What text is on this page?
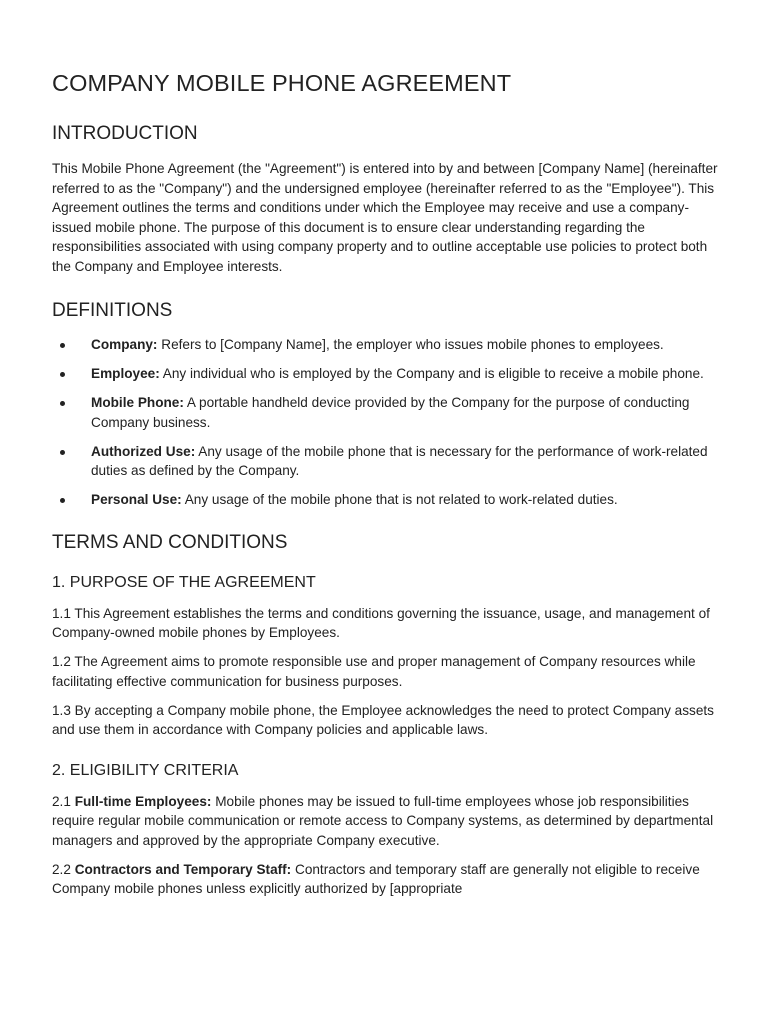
COMPANY MOBILE PHONE AGREEMENT
INTRODUCTION

This Mobile Phone Agreement (the "Agreement") is entered into by and between [Company Name] (hereinafter referred to as the "Company") and the undersigned employee (hereinafter referred to as the "Employee"). This Agreement outlines the terms and conditions under which the Employee may receive and use a company-issued mobile phone. The purpose of this document is to ensure clear understanding regarding the responsibilities associated with using company property and to outline acceptable use policies to protect both the Company and Employee interests.

DEFINITIONS
Company: Refers to [Company Name], the employer who issues mobile phones to employees.
Employee: Any individual who is employed by the Company and is eligible to receive a mobile phone.
Mobile Phone: A portable handheld device provided by the Company for the purpose of conducting Company business.
Authorized Use: Any usage of the mobile phone that is necessary for the performance of work-related duties as defined by the Company.
Personal Use: Any usage of the mobile phone that is not related to work-related duties.
TERMS AND CONDITIONS
1. PURPOSE OF THE AGREEMENT

1.1 This Agreement establishes the terms and conditions governing the issuance, usage, and management of Company-owned mobile phones by Employees.

1.2 The Agreement aims to promote responsible use and proper management of Company resources while facilitating effective communication for business purposes.

1.3 By accepting a Company mobile phone, the Employee acknowledges the need to protect Company assets and use them in accordance with Company policies and applicable laws.

2. ELIGIBILITY CRITERIA

2.1 Full-time Employees: Mobile phones may be issued to full-time employees whose job responsibilities require regular mobile communication or remote access to Company systems, as determined by departmental managers and approved by the appropriate Company executive.

2.2 Contractors and Temporary Staff: Contractors and temporary staff are generally not eligible to receive Company mobile phones unless explicitly authorized by [appropriate
